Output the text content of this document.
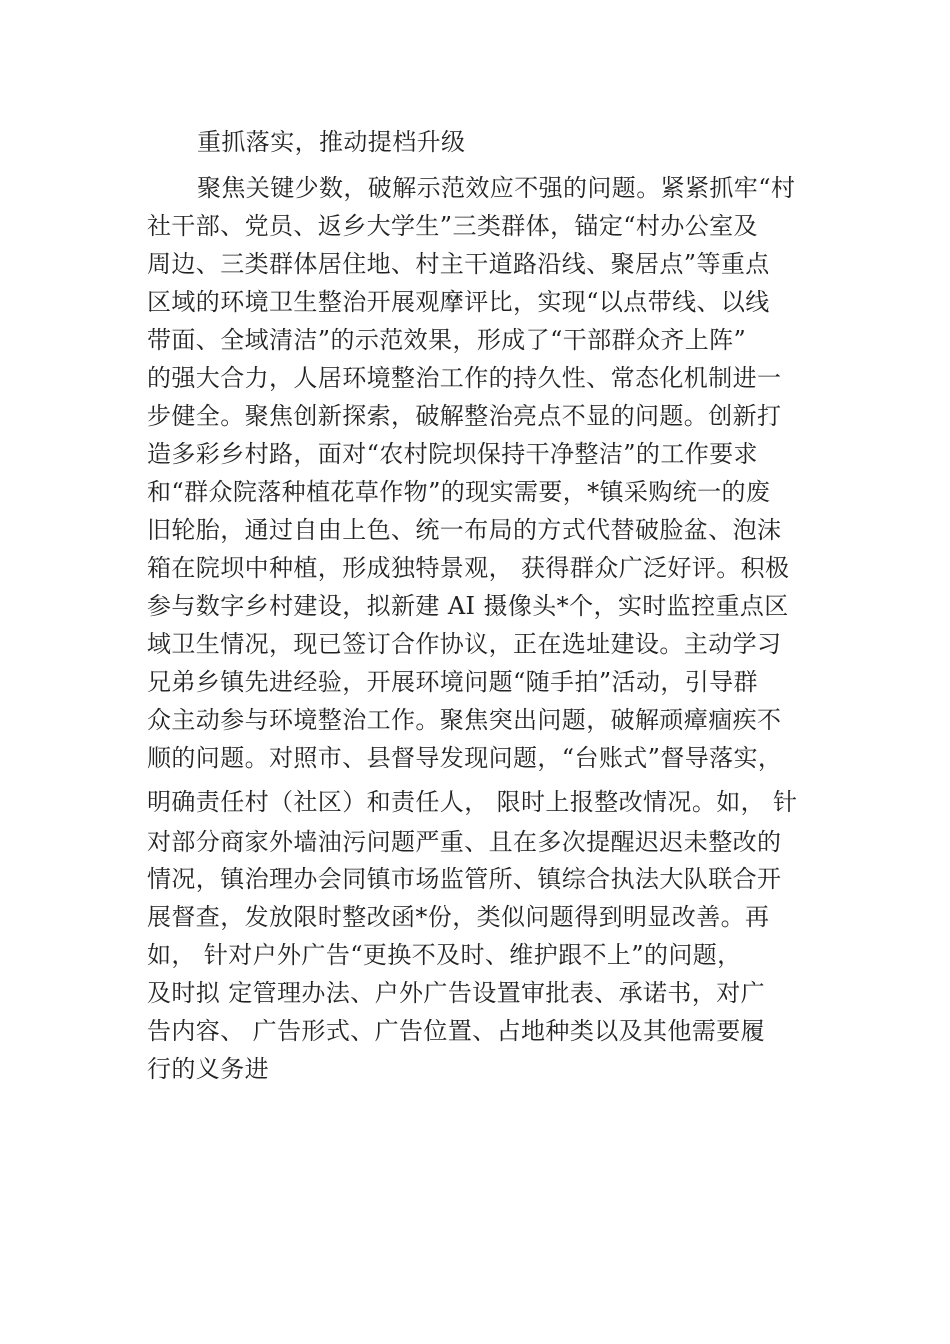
重抓落实，推动提档升级
聚焦关键少数，破解示范效应不强的问题。紧紧抓牢“村
社干部、党员、返乡大学生”三类群体，锚定“村办公室及
周边、三类群体居住地、村主干道路沿线、聚居点”等重点
区域的环境卫生整治开展观摩评比，实现“以点带线、以线
带面、全域清洁”的示范效果，形成了“干部群众齐上阵”
的强大合力，人居环境整治工作的持久性、常态化机制进一
步健全。聚焦创新探索，破解整治亮点不显的问题。创新打
造多彩乡村路，面对“农村院坝保持干净整洁”的工作要求
和“群众院落种植花草作物”的现实需要，*镇采购统一的废
旧轮胎，通过自由上色、统一布局的方式代替破脸盆、泡沫
箱在院坝中种植，形成独特景观， 获得群众广泛好评。积极
参与数字乡村建设，拟新建 AI 摄像头*个，实时监控重点区
域卫生情况，现已签订合作协议，正在选址建设。主动学习
兄弟乡镇先进经验，开展环境问题“随手拍”活动，引导群
众主动参与环境整治工作。聚焦突出问题，破解顽瘴痼疾不
顺的问题。对照市、县督导发现问题，“台账式”督导落实，
明确责任村（社区）和责任人， 限时上报整改情况。如， 针
对部分商家外墙油污问题严重、且在多次提醒迟迟未整改的
情况，镇治理办会同镇市场监管所、镇综合执法大队联合开
展督查，发放限时整改函*份，类似问题得到明显改善。再
如， 针对户外广告“更换不及时、维护跟不上”的问题，
及时拟 定管理办法、户外广告设置审批表、承诺书，对广
告内容、 广告形式、广告位置、占地种类以及其他需要履
行的义务进
